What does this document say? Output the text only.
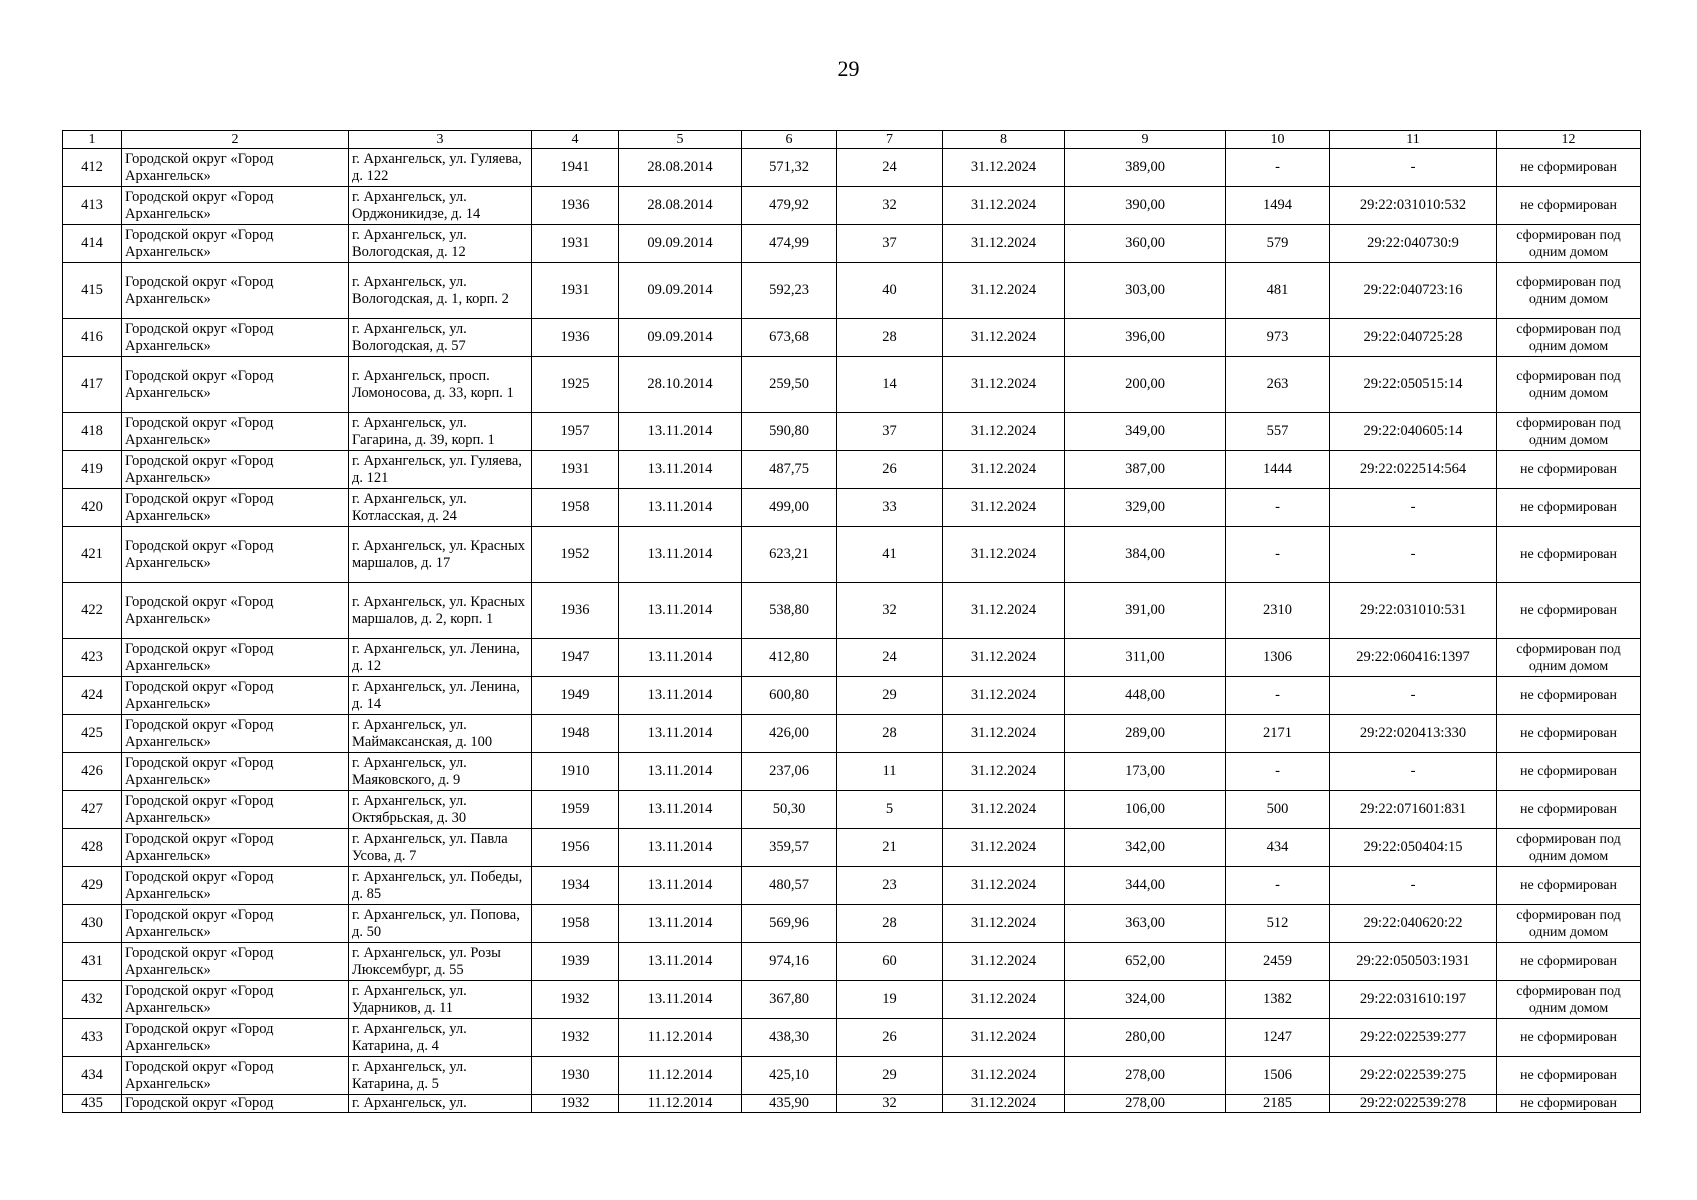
29
1	2	3	4	5	6	7	8	9	10	11	12
412	Городской округ «Город Архангельск»	г. Архангельск, ул. Гуляева, д. 122	1941	28.08.2014	571,32	24	31.12.2024	389,00	-	-	не сформирован
413	Городской округ «Город Архангельск»	г. Архангельск, ул. Орджоникидзе, д. 14	1936	28.08.2014	479,92	32	31.12.2024	390,00	1494	29:22:031010:532	не сформирован
414	Городской округ «Город Архангельск»	г. Архангельск, ул. Вологодская, д. 12	1931	09.09.2014	474,99	37	31.12.2024	360,00	579	29:22:040730:9	сформирован под одним домом
415	Городской округ «Город Архангельск»	г. Архангельск, ул. Вологодская, д. 1, корп. 2	1931	09.09.2014	592,23	40	31.12.2024	303,00	481	29:22:040723:16	сформирован под одним домом
416	Городской округ «Город Архангельск»	г. Архангельск, ул. Вологодская, д. 57	1936	09.09.2014	673,68	28	31.12.2024	396,00	973	29:22:040725:28	сформирован под одним домом
417	Городской округ «Город Архангельск»	г. Архангельск, просп. Ломоносова, д. 33, корп. 1	1925	28.10.2014	259,50	14	31.12.2024	200,00	263	29:22:050515:14	сформирован под одним домом
418	Городской округ «Город Архангельск»	г. Архангельск, ул. Гагарина, д. 39, корп. 1	1957	13.11.2014	590,80	37	31.12.2024	349,00	557	29:22:040605:14	сформирован под одним домом
419	Городской округ «Город Архангельск»	г. Архангельск, ул. Гуляева, д. 121	1931	13.11.2014	487,75	26	31.12.2024	387,00	1444	29:22:022514:564	не сформирован
420	Городской округ «Город Архангельск»	г. Архангельск, ул. Котласская, д. 24	1958	13.11.2014	499,00	33	31.12.2024	329,00	-	-	не сформирован
421	Городской округ «Город Архангельск»	г. Архангельск, ул. Красных маршалов, д. 17	1952	13.11.2014	623,21	41	31.12.2024	384,00	-	-	не сформирован
422	Городской округ «Город Архангельск»	г. Архангельск, ул. Красных маршалов, д. 2, корп. 1	1936	13.11.2014	538,80	32	31.12.2024	391,00	2310	29:22:031010:531	не сформирован
423	Городской округ «Город Архангельск»	г. Архангельск, ул. Ленина, д. 12	1947	13.11.2014	412,80	24	31.12.2024	311,00	1306	29:22:060416:1397	сформирован под одним домом
424	Городской округ «Город Архангельск»	г. Архангельск, ул. Ленина, д. 14	1949	13.11.2014	600,80	29	31.12.2024	448,00	-	-	не сформирован
425	Городской округ «Город Архангельск»	г. Архангельск, ул. Маймаксанская, д. 100	1948	13.11.2014	426,00	28	31.12.2024	289,00	2171	29:22:020413:330	не сформирован
426	Городской округ «Город Архангельск»	г. Архангельск, ул. Маяковского, д. 9	1910	13.11.2014	237,06	11	31.12.2024	173,00	-	-	не сформирован
427	Городской округ «Город Архангельск»	г. Архангельск, ул. Октябрьская, д. 30	1959	13.11.2014	50,30	5	31.12.2024	106,00	500	29:22:071601:831	не сформирован
428	Городской округ «Город Архангельск»	г. Архангельск, ул. Павла Усова, д. 7	1956	13.11.2014	359,57	21	31.12.2024	342,00	434	29:22:050404:15	сформирован под одним домом
429	Городской округ «Город Архангельск»	г. Архангельск, ул. Победы, д. 85	1934	13.11.2014	480,57	23	31.12.2024	344,00	-	-	не сформирован
430	Городской округ «Город Архангельск»	г. Архангельск, ул. Попова, д. 50	1958	13.11.2014	569,96	28	31.12.2024	363,00	512	29:22:040620:22	сформирован под одним домом
431	Городской округ «Город Архангельск»	г. Архангельск, ул. Розы Люксембург, д. 55	1939	13.11.2014	974,16	60	31.12.2024	652,00	2459	29:22:050503:1931	не сформирован
432	Городской округ «Город Архангельск»	г. Архангельск, ул. Ударников, д. 11	1932	13.11.2014	367,80	19	31.12.2024	324,00	1382	29:22:031610:197	сформирован под одним домом
433	Городской округ «Город Архангельск»	г. Архангельск, ул. Катарина, д. 4	1932	11.12.2014	438,30	26	31.12.2024	280,00	1247	29:22:022539:277	не сформирован
434	Городской округ «Город Архангельск»	г. Архангельск, ул. Катарина, д. 5	1930	11.12.2014	425,10	29	31.12.2024	278,00	1506	29:22:022539:275	не сформирован
435	Городской округ «Город	г. Архангельск, ул.	1932	11.12.2014	435,90	32	31.12.2024	278,00	2185	29:22:022539:278	не сформирован
